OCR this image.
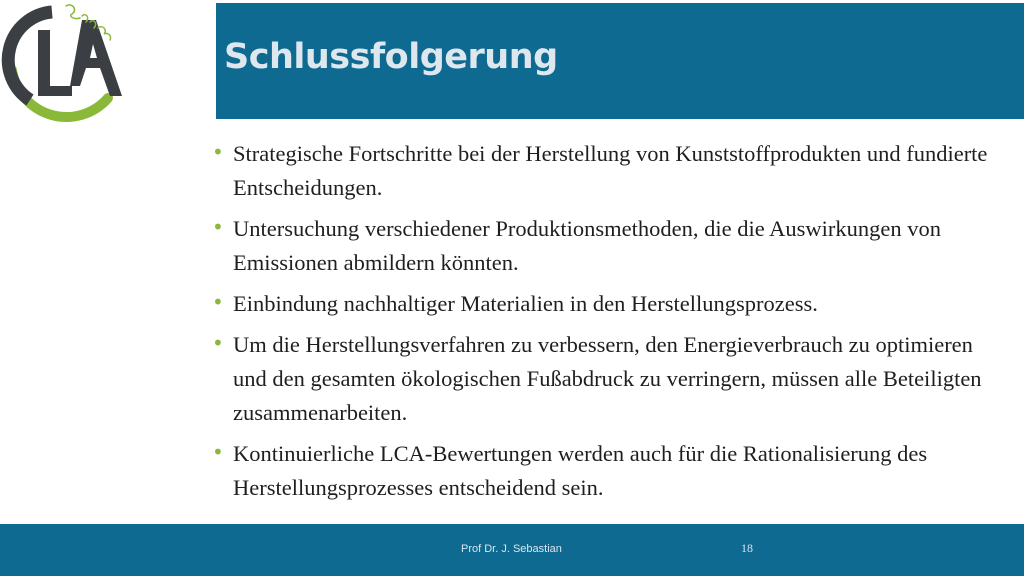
Schlussfolgerung
• Strategische Fortschritte bei der Herstellung von Kunststoffprodukten und fundierte Entscheidungen.
• Untersuchung verschiedener Produktionsmethoden, die die Auswirkungen von Emissionen abmildern könnten.
• Einbindung nachhaltiger Materialien in den Herstellungsprozess.
• Um die Herstellungsverfahren zu verbessern, den Energieverbrauch zu optimieren und den gesamten ökologischen Fußabdruck zu verringern, müssen alle Beteiligten zusammenarbeiten.
• Kontinuierliche LCA-Bewertungen werden auch für die Rationalisierung des Herstellungsprozesses entscheidend sein.
Prof Dr. J. Sebastian	18
